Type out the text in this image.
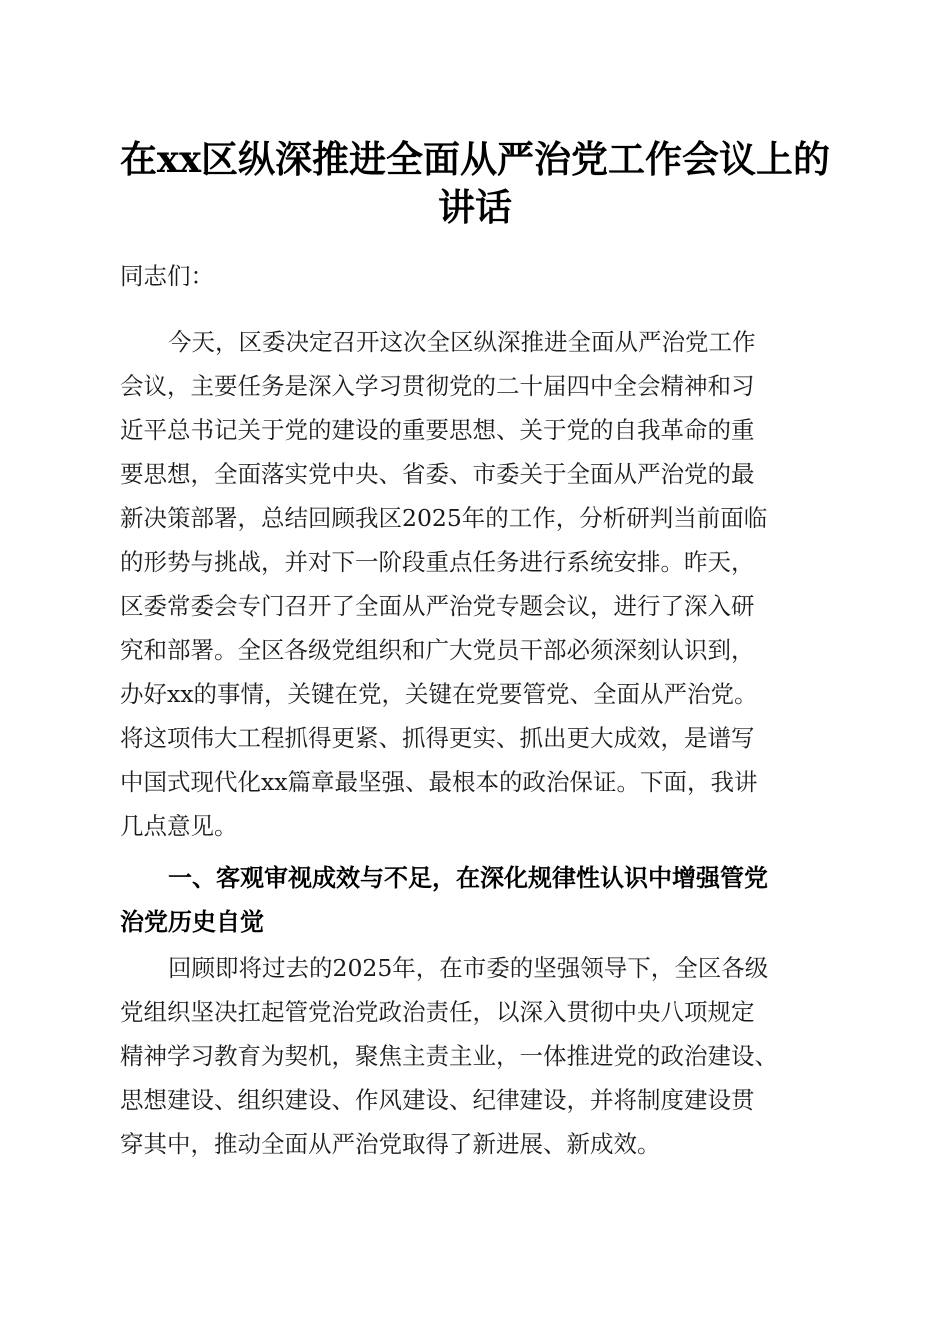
在xx区纵深推进全面从严治党工作会议上的
讲话

同志们：

今天，区委决定召开这次全区纵深推进全面从严治党工作

会议，主要任务是深入学习贯彻党的二十届四中全会精神和习

近平总书记关于党的建设的重要思想、关于党的自我革命的重

要思想，全面落实党中央、省委、市委关于全面从严治党的最

新决策部署，总结回顾我区2025年的工作，分析研判当前面临

的形势与挑战，并对下一阶段重点任务进行系统安排。昨天，

区委常委会专门召开了全面从严治党专题会议，进行了深入研

究和部署。全区各级党组织和广大党员干部必须深刻认识到，

办好xx的事情，关键在党，关键在党要管党、全面从严治党。

将这项伟大工程抓得更紧、抓得更实、抓出更大成效，是谱写

中国式现代化xx篇章最坚强、最根本的政治保证。下面，我讲

几点意见。

一、客观审视成效与不足，在深化规律性认识中增强管党

治党历史自觉

回顾即将过去的2025年，在市委的坚强领导下，全区各级

党组织坚决扛起管党治党政治责任，以深入贯彻中央八项规定

精神学习教育为契机，聚焦主责主业，一体推进党的政治建设、

思想建设、组织建设、作风建设、纪律建设，并将制度建设贯

穿其中，推动全面从严治党取得了新进展、新成效。
